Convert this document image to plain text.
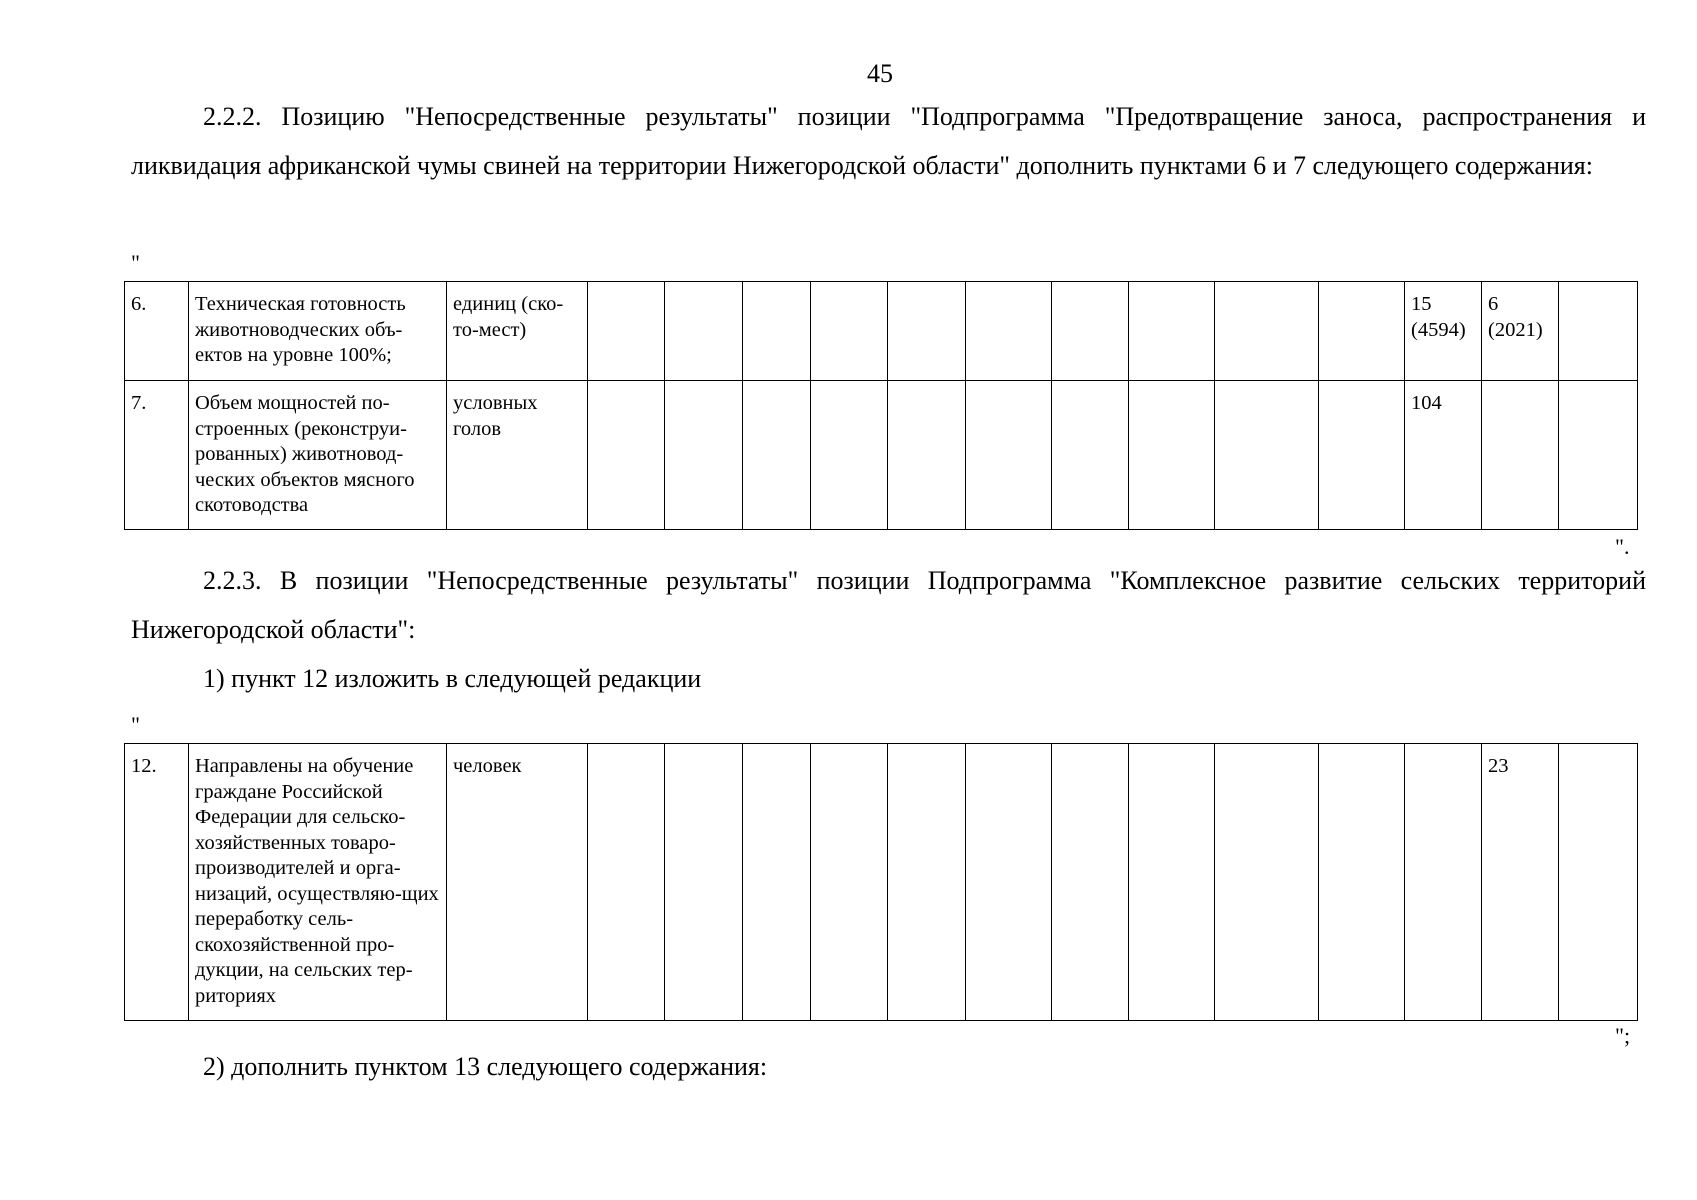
45

2.2.2. Позицию "Непосредственные результаты" позиции "Подпрограмма "Предотвращение заноса, распространения и ликвидация африканской чумы свиней на территории Нижегородской области" дополнить пунктами 6 и 7 следующего содержания:

"
6.	Техническая готовность животноводческих объ-ектов на уровне 100%;	единиц (ско-то-мест)											15 (4594)	6 (2021)	
7.	Объем мощностей по-строенных (реконструи-рованных) животновод-ческих объектов мясного скотоводства	условных голов											104		
".

2.2.3. В позиции "Непосредственные результаты" позиции Подпрограмма "Комплексное развитие сельских территорий Нижегородской области":

1) пункт 12 изложить в следующей редакции

"
12.	Направлены на обучение граждане Российской Федерации для сельско-хозяйственных товаро-производителей и орга-низаций, осуществляю-щих переработку сель-скохозяйственной про-дукции, на сельских тер-риториях	человек												23	
";

2) дополнить пунктом 13 следующего содержания:
